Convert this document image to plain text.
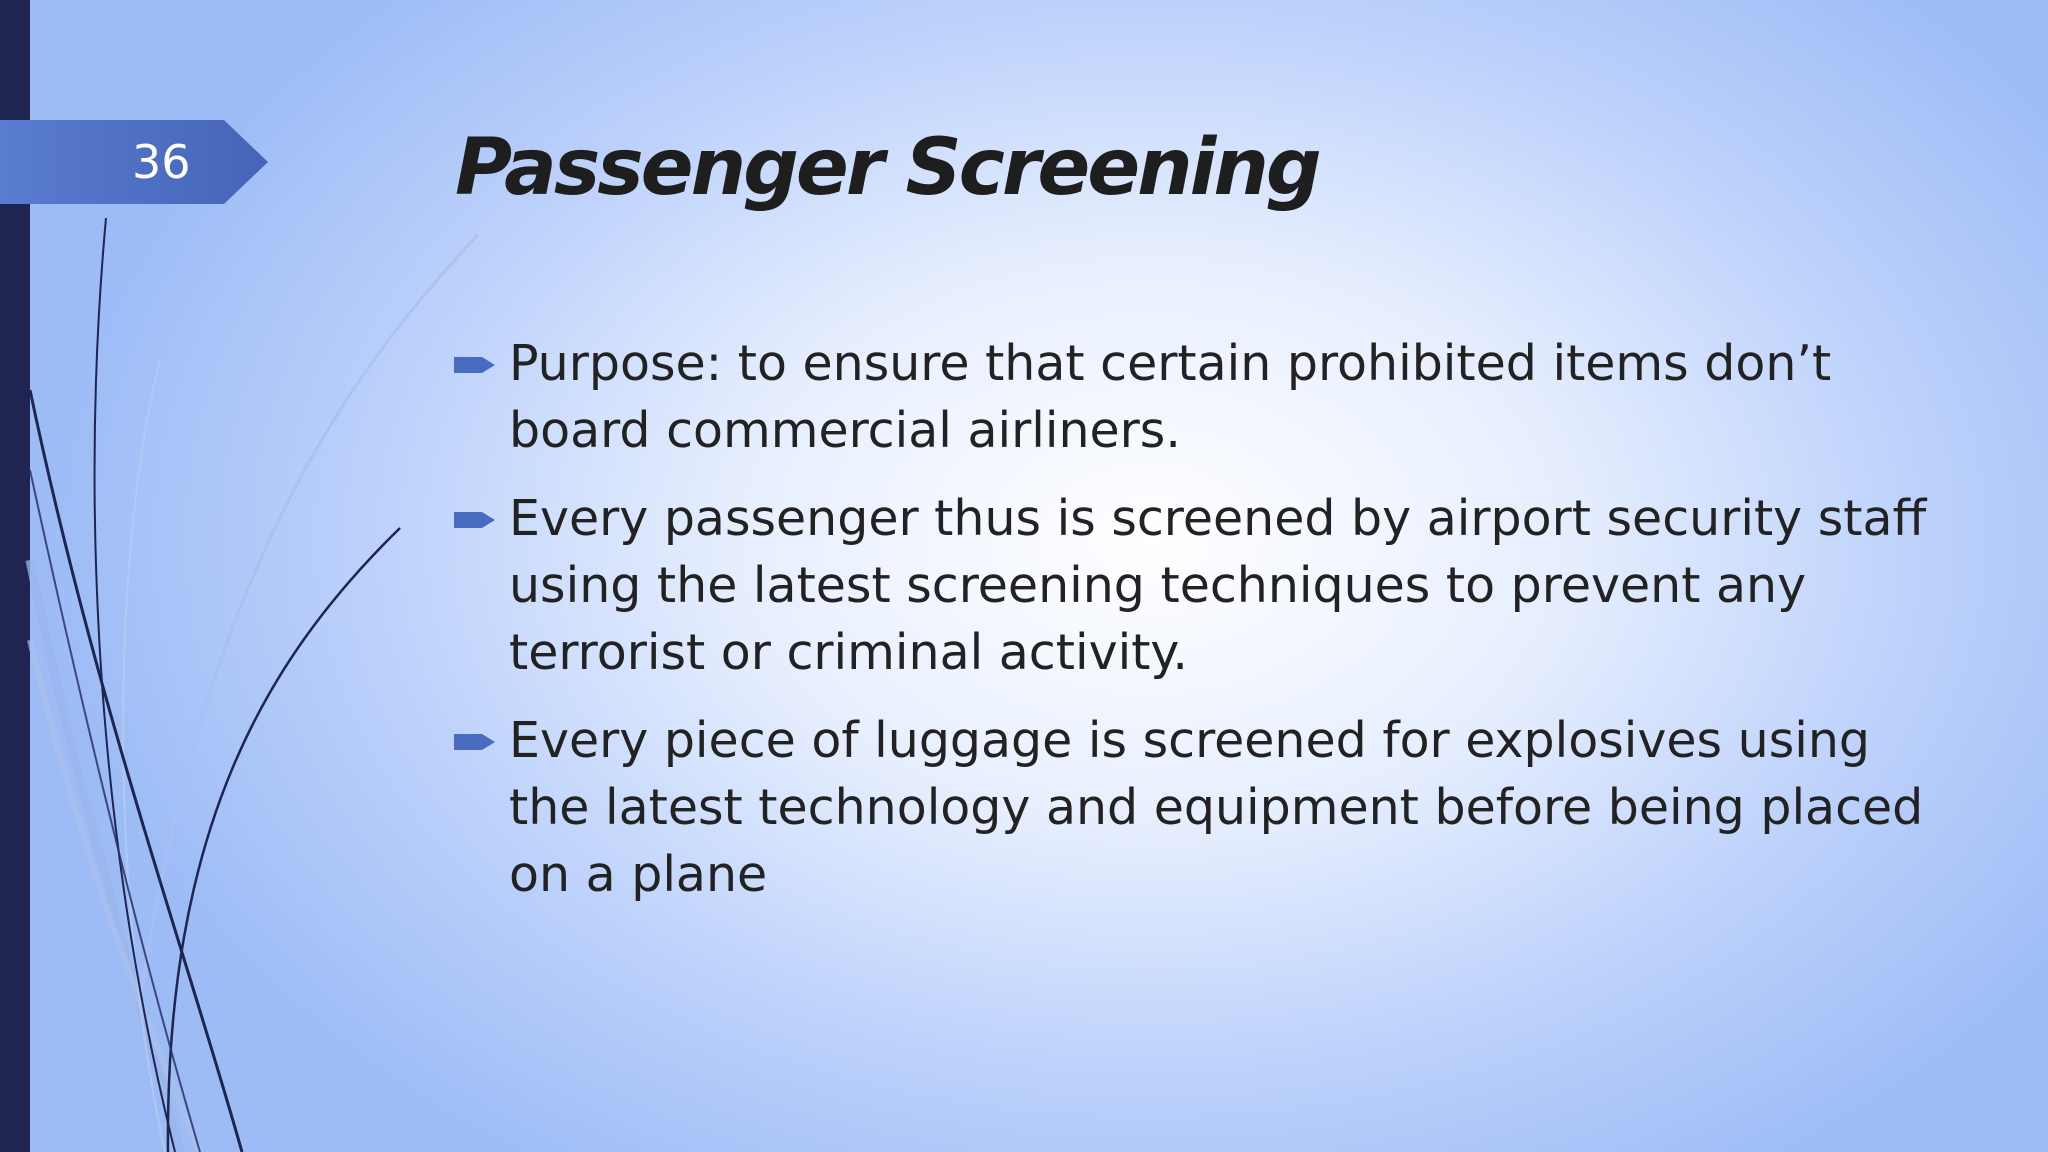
36	Passenger Screening
Purpose: to ensure that certain prohibited items don’t board commercial airliners.
Every passenger thus is screened by airport security staff using the latest screening techniques to prevent any terrorist or criminal activity.
Every piece of luggage is screened for explosives using the latest technology and equipment before being placed on a plane
